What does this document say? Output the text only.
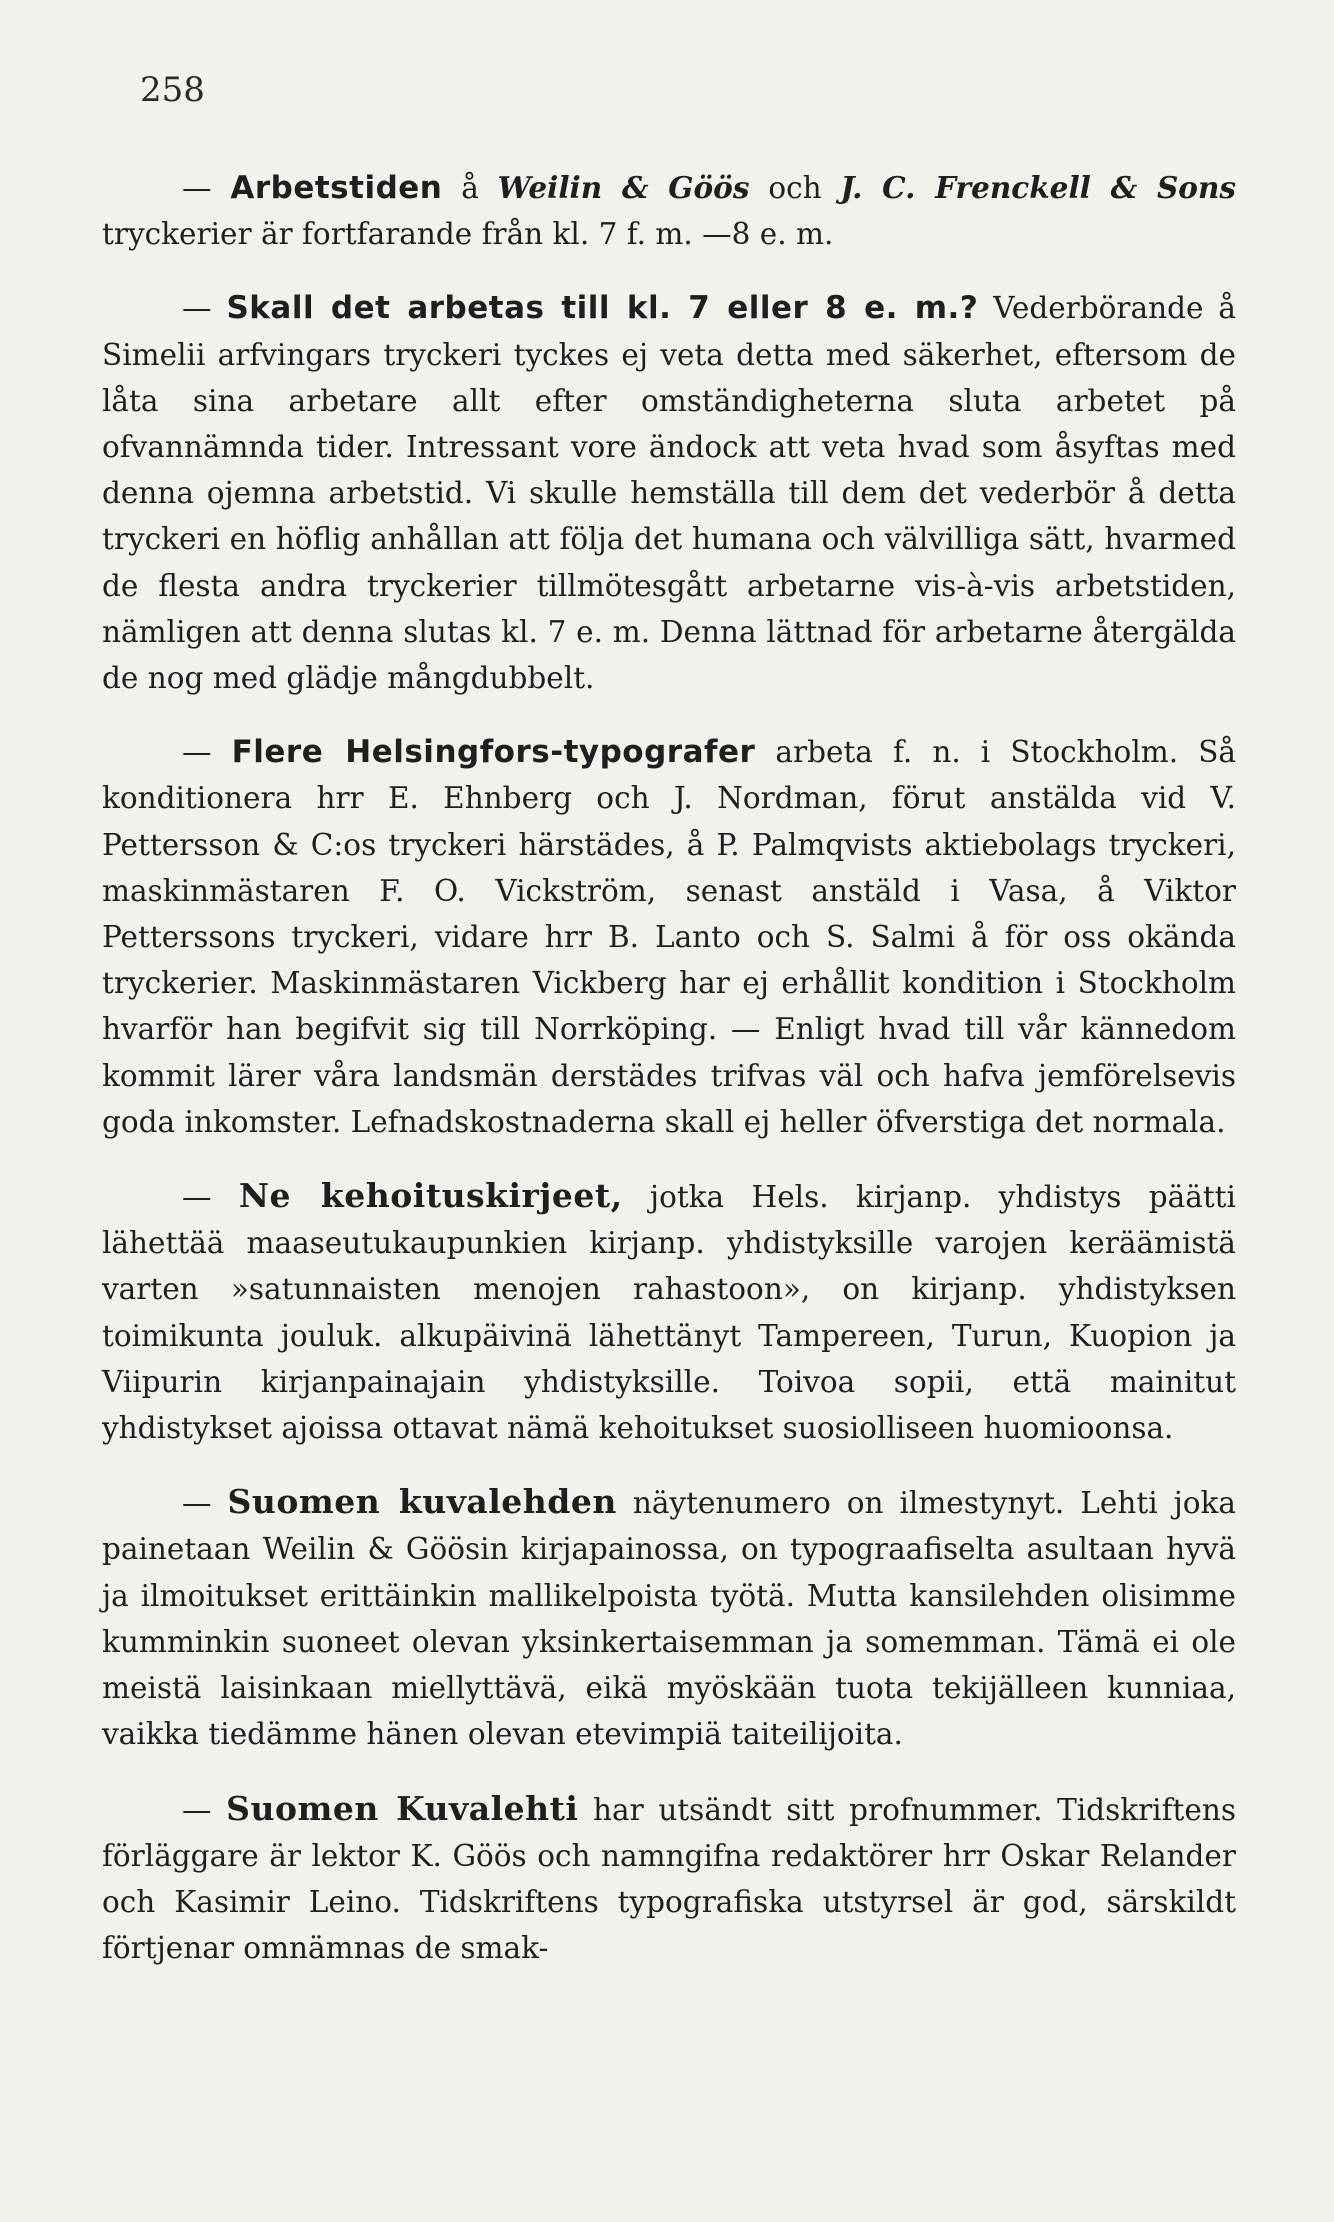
258

— Arbetstiden å Weilin & Göös och J. C. Frenckell & Sons tryckerier är fortfarande från kl. 7 f. m. —8 e. m.

— Skall det arbetas till kl. 7 eller 8 e. m.? Vederbörande å Simelii arfvingars tryckeri tyckes ej veta detta med säkerhet, eftersom de låta sina arbetare allt efter omständigheterna sluta arbetet på ofvannämnda tider. Intressant vore ändock att veta hvad som åsyftas med denna ojemna arbetstid. Vi skulle hemställa till dem det vederbör å detta tryckeri en höflig anhållan att följa det humana och välvilliga sätt, hvarmed de flesta andra tryckerier tillmötesgått arbetarne vis-à-vis arbetstiden, nämligen att denna slutas kl. 7 e. m. Denna lättnad för arbetarne återgälda de nog med glädje mångdubbelt.

— Flere Helsingfors-typografer arbeta f. n. i Stockholm. Så konditionera hrr E. Ehnberg och J. Nordman, förut anstälda vid V. Pettersson & C:os tryckeri härstädes, å P. Palmqvists aktiebolags tryckeri, maskinmästaren F. O. Vickström, senast anstäld i Vasa, å Viktor Petterssons tryckeri, vidare hrr B. Lanto och S. Salmi å för oss okända tryckerier. Maskinmästaren Vickberg har ej erhållit kondition i Stockholm hvarför han begifvit sig till Norrköping. — Enligt hvad till vår kännedom kommit lärer våra landsmän derstädes trifvas väl och hafva jemförelsevis goda inkomster. Lefnadskostnaderna skall ej heller öfverstiga det normala.

— Ne kehoituskirjeet, jotka Hels. kirjanp. yhdistys päätti lähettää maaseutukaupunkien kirjanp. yhdistyksille varojen keräämistä varten »satunnaisten menojen rahastoon», on kirjanp. yhdistyksen toimikunta jouluk. alkupäivinä lähettänyt Tampereen, Turun, Kuopion ja Viipurin kirjanpainajain yhdistyksille. Toivoa sopii, että mainitut yhdistykset ajoissa ottavat nämä kehoitukset suosiolliseen huomioonsa.

— Suomen kuvalehden näytenumero on ilmestynyt. Lehti joka painetaan Weilin & Göösin kirjapainossa, on typograafiselta asultaan hyvä ja ilmoitukset erittäinkin mallikelpoista työtä. Mutta kansilehden olisimme kumminkin suoneet olevan yksinkertaisemman ja somemman. Tämä ei ole meistä laisinkaan miellyttävä, eikä myöskään tuota tekijälleen kunniaa, vaikka tiedämme hänen olevan etevimpiä taiteilijoita.

— Suomen Kuvalehti har utsändt sitt profnummer. Tidskriftens förläggare är lektor K. Göös och namngifna redaktörer hrr Oskar Relander och Kasimir Leino. Tidskriftens typografiska utstyrsel är god, särskildt förtjenar omnämnas de smak-
